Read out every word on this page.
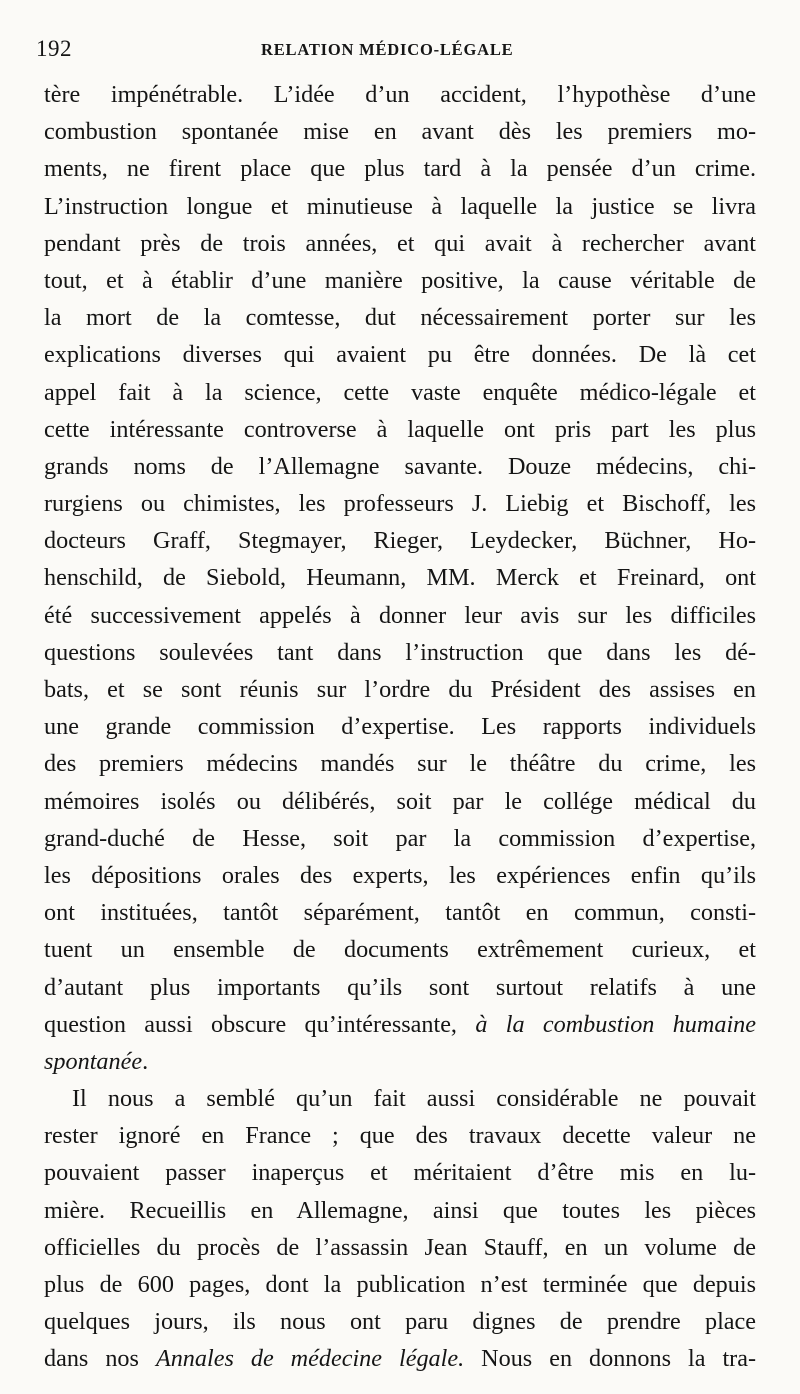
192	RELATION MÉDICO-LÉGALE
tère impénétrable. L’idée d’un accident, l’hypothèse d’une
combustion spontanée mise en avant dès les premiers mo-
ments, ne firent place que plus tard à la pensée d’un crime.
L’instruction longue et minutieuse à laquelle la justice se livra
pendant près de trois années, et qui avait à rechercher avant
tout, et à établir d’une manière positive, la cause véritable de
la mort de la comtesse, dut nécessairement porter sur les
explications diverses qui avaient pu être données. De là cet
appel fait à la science, cette vaste enquête médico-légale et
cette intéressante controverse à laquelle ont pris part les plus
grands noms de l’Allemagne savante. Douze médecins, chi-
rurgiens ou chimistes, les professeurs J. Liebig et Bischoff, les
docteurs Graff, Stegmayer, Rieger, Leydecker, Büchner, Ho-
henschild, de Siebold, Heumann, MM. Merck et Freinard, ont
été successivement appelés à donner leur avis sur les difficiles
questions soulevées tant dans l’instruction que dans les dé-
bats, et se sont réunis sur l’ordre du Président des assises en
une grande commission d’expertise. Les rapports individuels
des premiers médecins mandés sur le théâtre du crime, les
mémoires isolés ou délibérés, soit par le collége médical du
grand-duché de Hesse, soit par la commission d’expertise,
les dépositions orales des experts, les expériences enfin qu’ils
ont instituées, tantôt séparément, tantôt en commun, consti-
tuent un ensemble de documents extrêmement curieux, et
d’autant plus importants qu’ils sont surtout relatifs à une
question aussi obscure qu’intéressante, à la combustion humaine
spontanée.
Il nous a semblé qu’un fait aussi considérable ne pouvait
rester ignoré en France ; que des travaux decette valeur ne
pouvaient passer inaperçus et méritaient d’être mis en lu-
mière. Recueillis en Allemagne, ainsi que toutes les pièces
officielles du procès de l’assassin Jean Stauff, en un volume de
plus de 600 pages, dont la publication n’est terminée que depuis
quelques jours, ils nous ont paru dignes de prendre place
dans nos Annales de médecine légale. Nous en donnons la tra-
